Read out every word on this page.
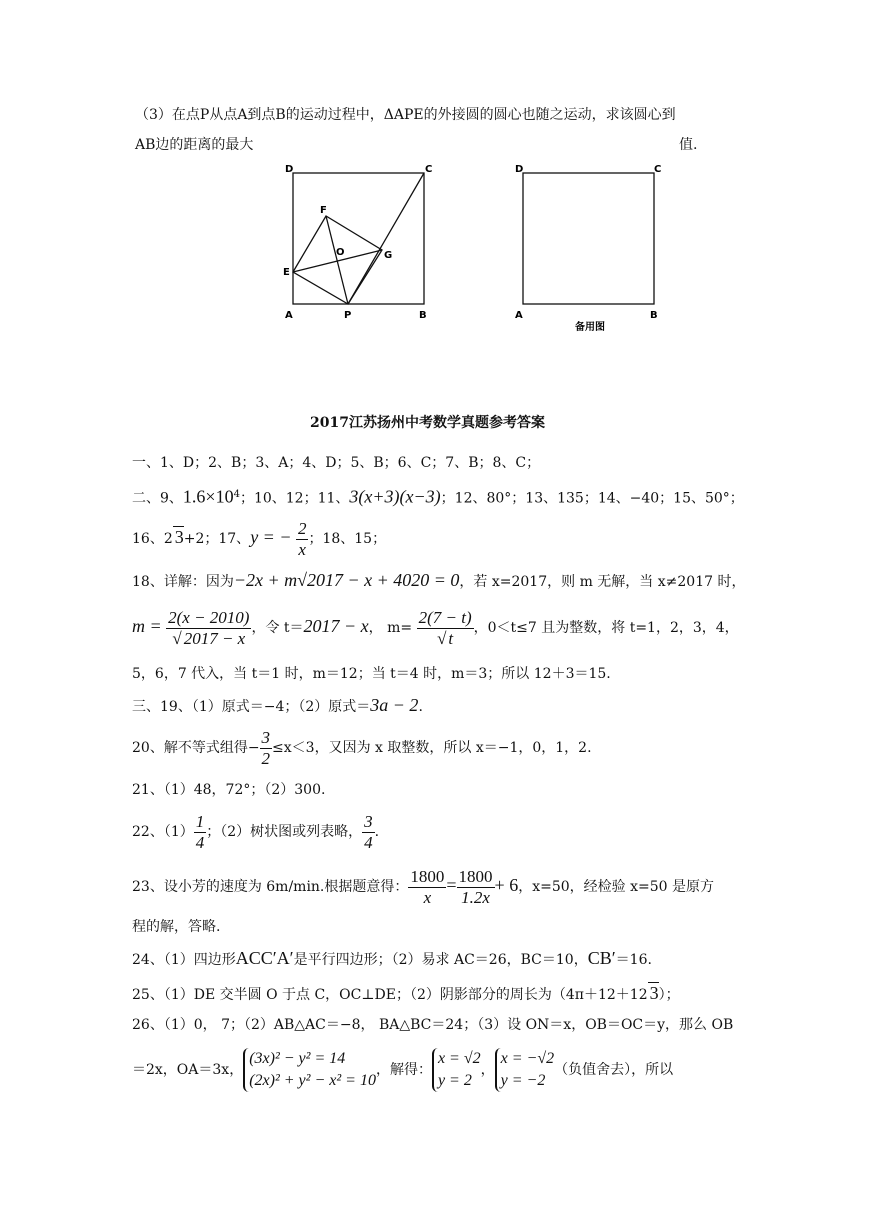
（3）在点P从点A到点B的运动过程中，ΔAPE的外接圆的圆心也随之运动，求该圆心到
AB边的距离的最大	值.
D	C
F
O	G
E
A	P	B
D	C
A	B
备用图
2017江苏扬州中考数学真题参考答案
一、1、D；2、B；3、A；4、D；5、B；6、C；7、B；8、C；
二、9、$1.6\times 10^4$；10、12；11、3(x+3)(x−3)；12、80°；13、135；14、−40；15、50°；
16、2 3+2；17、y = − $\frac{2}{x}$ ；18、15；
18、详解：因为−2x + m√2017 − x + 4020 = 0，若 x=2017，则 m 无解，当 x≠2017 时，
$m = \frac{2(x - 2010)}{√ 2017 - x}$ ，令 t＝2017 − x， $m= \frac{2(7 - t)}{√ t}$ ，0＜t≤7 且为整数，将 t=1，2，3，4，
5，6，7 代入，当 t＝1 时，m＝12；当 t＝4 时，m＝3；所以 12＋3＝15.
三、19、（1）原式＝−4；（2）原式＝3a − 2.
20、解不等式组得− $\frac{3}{2} \le x<3$，又因为 x 取整数，所以 x＝−1，0，1，2.
21、（1）48，72°；（2）300.
22、$(1) \frac{1}{4}$ ；（2）树状图或列表略， $\frac{3}{4}$ .
23、设小芳的速度为 6m/min.根据题意得： $\frac{1800}{x} = \frac{1800}{1.2x} + 6$，x=50，经检验 x=50 是原方
程的解，答略.
24、（1）四边形ACC′A′是平行四边形；（2）易求 AC＝26，BC＝10，CB′＝16.
25、（1）DE 交半圆 O 于点 C，OC⊥DE；（2）阴影部分的周长为（4π＋12＋12 3）；
26、（1）0， 7；（2）AB△AC＝−8， BA△BC＝24；（3）设 ON＝x，OB＝OC＝y，那么 OB
＝2x，OA＝3x，
(3x)² − y² = 14
(2x)² + y² − x² = 10
，解得：
x = √2
y = 2
，
x = −√2
y = −2
（负值舍去），所以
